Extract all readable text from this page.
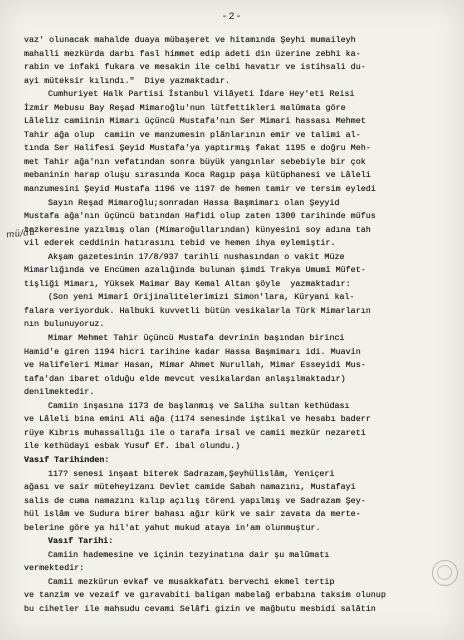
-2-
mü/dü
vaz' olunacak mahalde duaya mübaşeret ve hitamında Şeyhi mumaileyh
mahalli mezkürda darbı fasl himmet edip adeti din üzerine zebhi ka-
rabin ve infaki fukara ve mesakin ile celbi havatır ve istihsali du-
ayi müteksir kılındı."  Diye yazmaktadır.
Cumhuriyet Halk Partisi İstanbul Vilâyeti İdare Hey'eti Reisi
İzmir Mebusu Bay Reşad Mimaroğlu'nun lütfettikleri malûmata göre
Lâleliz camiinin Mimarı üçüncü Mustafa'nın Ser Mimari hassası Mehmet
Tahir ağa olup  camiin ve manzumesin plânlarının emir ve talimi al-
tında Ser Halifesi Şeyid Mustafa'ya yaptırmış fakat 1195 e doğru Meh-
met Tahir ağa'nın vefatından sonra büyük yangınlar sebebiyle bir çok
mebaninin harap oluşu sırasında Koca Ragıp paşa kütüphanesi ve Lâleli
manzumesini Şeyid Mustafa 1196 ve 1197 de hemen tamir ve tersim eyledi
Sayın Reşad Mimaroğlu;sonradan Hassa Başmimarı olan Şeyyid
Mustafa ağa'nın üçüncü batından Hafidi olup zaten 1300 tarihinde müfus
tezkeresine yazılmış olan (Mimaroğullarından) künyesini soy adına tah
vil ederek ceddinin hatırasını tebid ve hemen ihya eylemiştir.
Akşam gazetesinin 17/8/937 tarihli nushasından o vakit Müze
Mimarlığında ve Encümen azalığında bulunan şimdi Trakya Umumî Müfet-
tişliği Mimarı, Yüksek Maimar Bay Kemal Altan şöyle  yazmaktadır:
(Son yeni Mimarî Orijinalitelerimizi Simon'lara, Küryani kal-
falara veriyorduk. Halbuki kuvvetli bütün vesikalarla Türk Mimarların
nın bulunuyoruz.
Mimar Mehmet Tahir üçüncü Mustafa devrinin başından birinci
Hamid'e giren 1194 hicri tarihine kadar Hassa Başmimarı idi. Muavin
ve Halifeleri Mimar Hasan, Mimar Ahmet Nurullah, Mimar Esseyidi Mus-
tafa'dan ibaret olduğu elde mevcut vesikalardan anlaşılmaktadır)
denilmektedir.
Camiin inşasına 1173 de başlanmış ve Saliha sultan kethüdası
ve Lâleli bina emini Ali ağa (1174 senesinde iştikal ve hesabı baderr
rüye Kıbrıs muhassallığı ile o tarafa irsal ve camii mezkür nezareti
ile kethüdayi esbak Yusuf Ef. ibal olundu.)
Vasıf Tarihinden:
117? senesi inşaat biterek Sadrazam,Şeyhülislâm, Yeniçeri
ağası ve sair müteheyizanı Devlet camide Sabah namazını, Mustafayi
salis de cuma namazını kılıp açılış töreni yapılmış ve Sadrazam Şey-
hül islâm ve Sudura birer bahası ağır kürk ve sair zavata da merte-
belerine göre ya hil'at yahut mukud ataya in'am olunmuştur.
Vasıf Tarihi:
Camiin hademesine ve içinin tezyinatına dair şu malûmatı
vermektedir:
Camii mezkürun evkaf ve musakkafatı bervechi ekmel tertip
ve tanzim ve vezaif ve gıravabiti baligan mabelağ erbabına taksim olunup
bu cihetler ile mahsudu cevami Selâfi gizin ve mağbutu mesbidi salâtin
